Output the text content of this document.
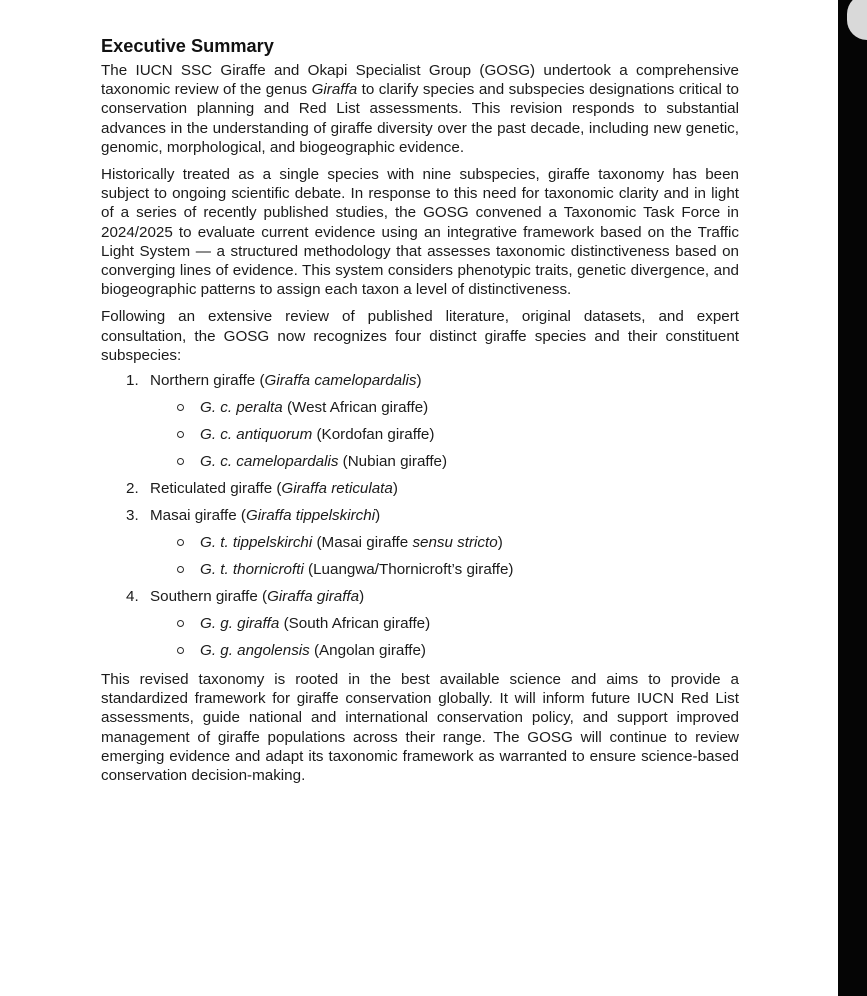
Executive Summary

The IUCN SSC Giraffe and Okapi Specialist Group (GOSG) undertook a comprehensive taxonomic review of the genus Giraffa to clarify species and subspecies designations critical to conservation planning and Red List assessments. This revision responds to substantial advances in the understanding of giraffe diversity over the past decade, including new genetic, genomic, morphological, and biogeographic evidence.

Historically treated as a single species with nine subspecies, giraffe taxonomy has been subject to ongoing scientific debate. In response to this need for taxonomic clarity and in light of a series of recently published studies, the GOSG convened a Taxonomic Task Force in 2024/2025 to evaluate current evidence using an integrative framework based on the Traffic Light System — a structured methodology that assesses taxonomic distinctiveness based on converging lines of evidence. This system considers phenotypic traits, genetic divergence, and biogeographic patterns to assign each taxon a level of distinctiveness.

Following an extensive review of published literature, original datasets, and expert consultation, the GOSG now recognizes four distinct giraffe species and their constituent subspecies:

1. Northern giraffe (Giraffa camelopardalis)
G. c. peralta (West African giraffe)
G. c. antiquorum (Kordofan giraffe)
G. c. camelopardalis (Nubian giraffe)
2. Reticulated giraffe (Giraffa reticulata)
3. Masai giraffe (Giraffa tippelskirchi)
G. t. tippelskirchi (Masai giraffe sensu stricto)
G. t. thornicrofti (Luangwa/Thornicroft’s giraffe)
4. Southern giraffe (Giraffa giraffa)
G. g. giraffa (South African giraffe)
G. g. angolensis (Angolan giraffe)

This revised taxonomy is rooted in the best available science and aims to provide a standardized framework for giraffe conservation globally. It will inform future IUCN Red List assessments, guide national and international conservation policy, and support improved management of giraffe populations across their range. The GOSG will continue to review emerging evidence and adapt its taxonomic framework as warranted to ensure science-based conservation decision-making.
